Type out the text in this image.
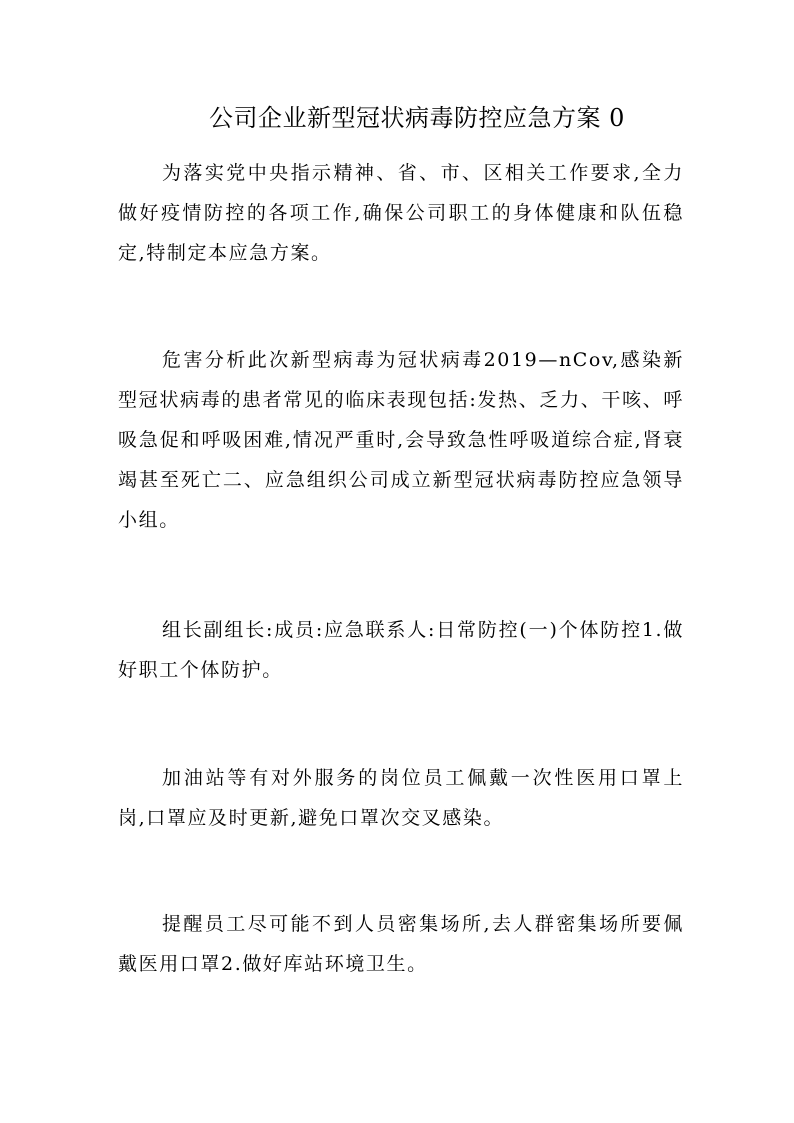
公司企业新型冠状病毒防控应急方案 0

为落实党中央指示精神、省、市、区相关工作要求,全力做好疫情防控的各项工作,确保公司职工的身体健康和队伍稳定,特制定本应急方案。

危害分析此次新型病毒为冠状病毒2019—nCov,感染新型冠状病毒的患者常见的临床表现包括:发热、乏力、干咳、呼吸急促和呼吸困难,情况严重时,会导致急性呼吸道综合症,肾衰竭甚至死亡二、应急组织公司成立新型冠状病毒防控应急领导小组。

组长副组长:成员:应急联系人:日常防控(一)个体防控1.做好职工个体防护。

加油站等有对外服务的岗位员工佩戴一次性医用口罩上岗,口罩应及时更新,避免口罩次交叉感染。

提醒员工尽可能不到人员密集场所,去人群密集场所要佩戴医用口罩2.做好库站环境卫生。
